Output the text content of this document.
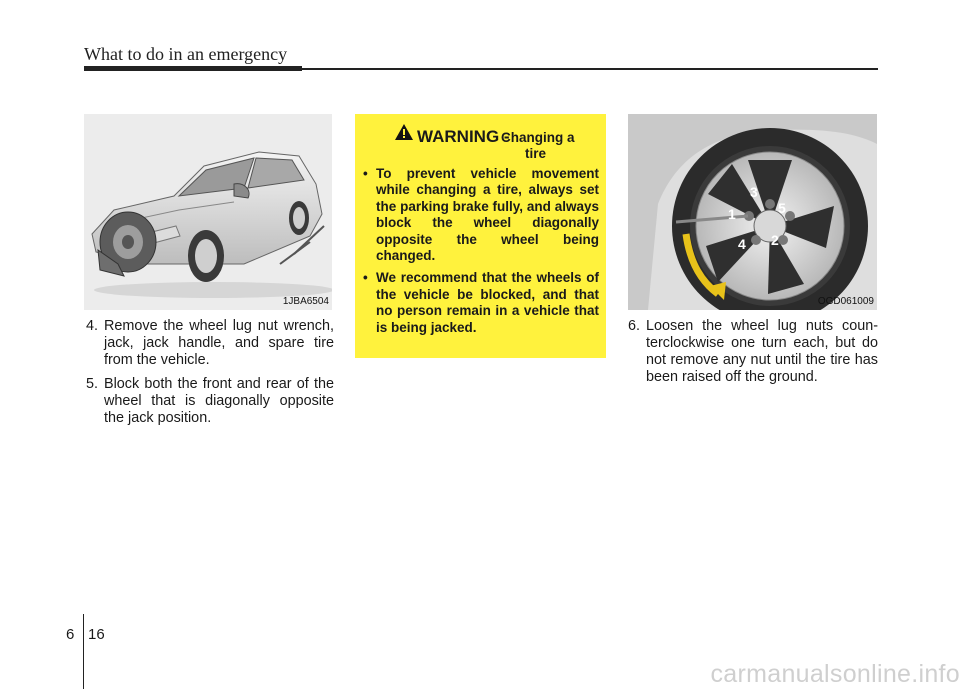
What to do in an emergency
1JBA6504
WARNING -
Changing a
tire
• To prevent vehicle movement while changing a tire, always set the parking brake fully, and always block the wheel diagonally opposite the wheel being changed.
• We recommend that the wheels of the vehicle be blocked, and that no person remain in a vehicle that is being jacked.
1
2
3
4
5
OGD061009
4. Remove the wheel lug nut wrench, jack, jack handle, and spare tire from the vehicle.
5. Block both the front and rear of the wheel that is diagonally opposite the jack position.
6. Loosen the wheel lug nuts coun-terclockwise one turn each, but do not remove any nut until the tire has been raised off the ground.
6 16
carmanualsonline.info
